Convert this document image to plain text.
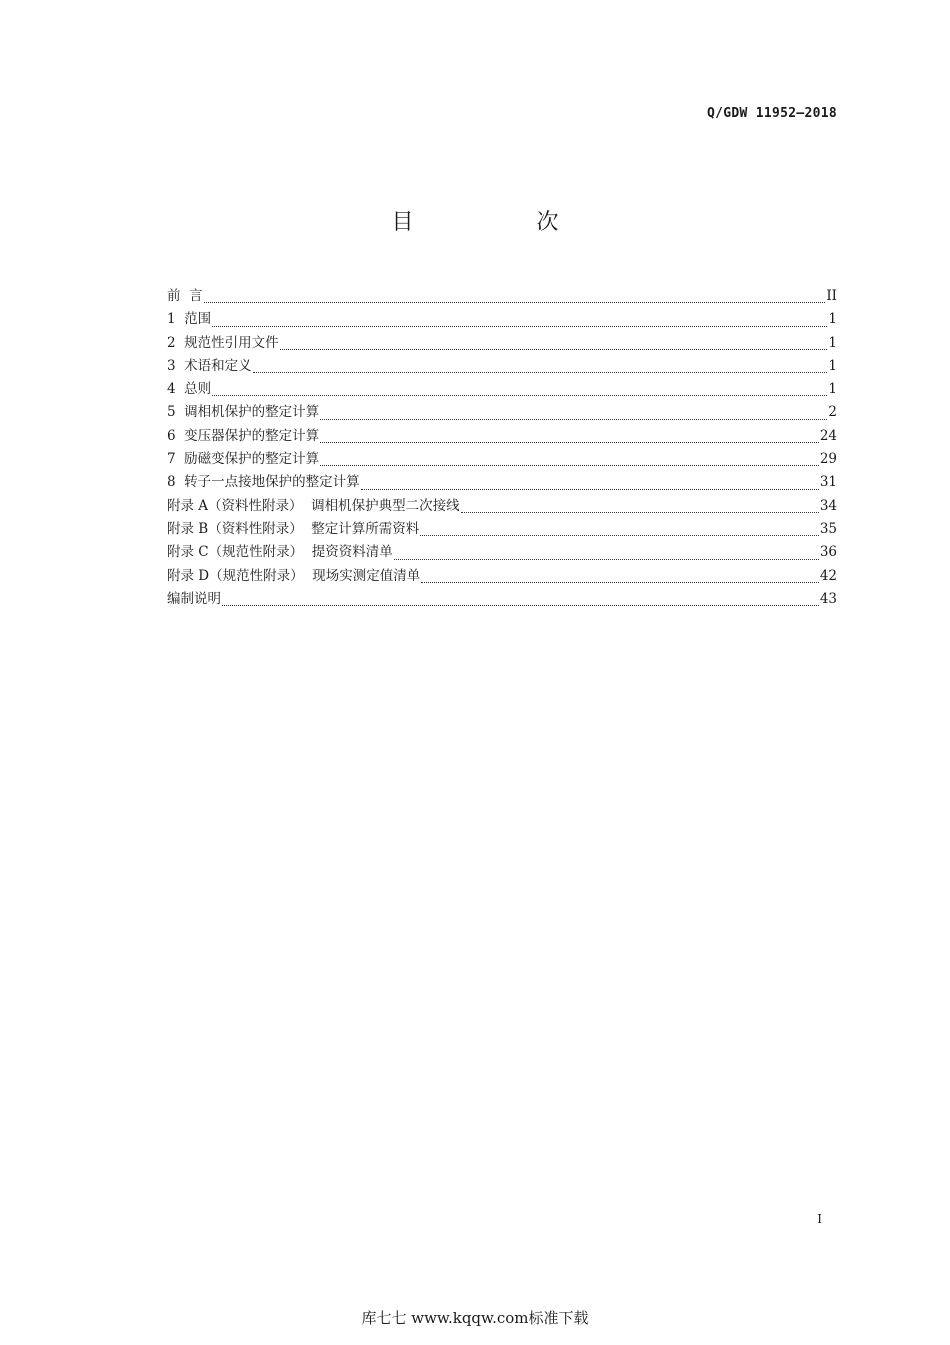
Q/GDW 11952—2018
目 次
前  言	II
1  范围	1
2  规范性引用文件	1
3  术语和定义	1
4  总则	1
5  调相机保护的整定计算	2
6  变压器保护的整定计算	24
7  励磁变保护的整定计算	29
8  转子一点接地保护的整定计算	31
附录 A（资料性附录）  调相机保护典型二次接线	34
附录 B（资料性附录）  整定计算所需资料	35
附录 C（规范性附录）  提资资料清单	36
附录 D（规范性附录）  现场实测定值清单	42
编制说明	43
I
库七七 www.kqqw.com标准下载
